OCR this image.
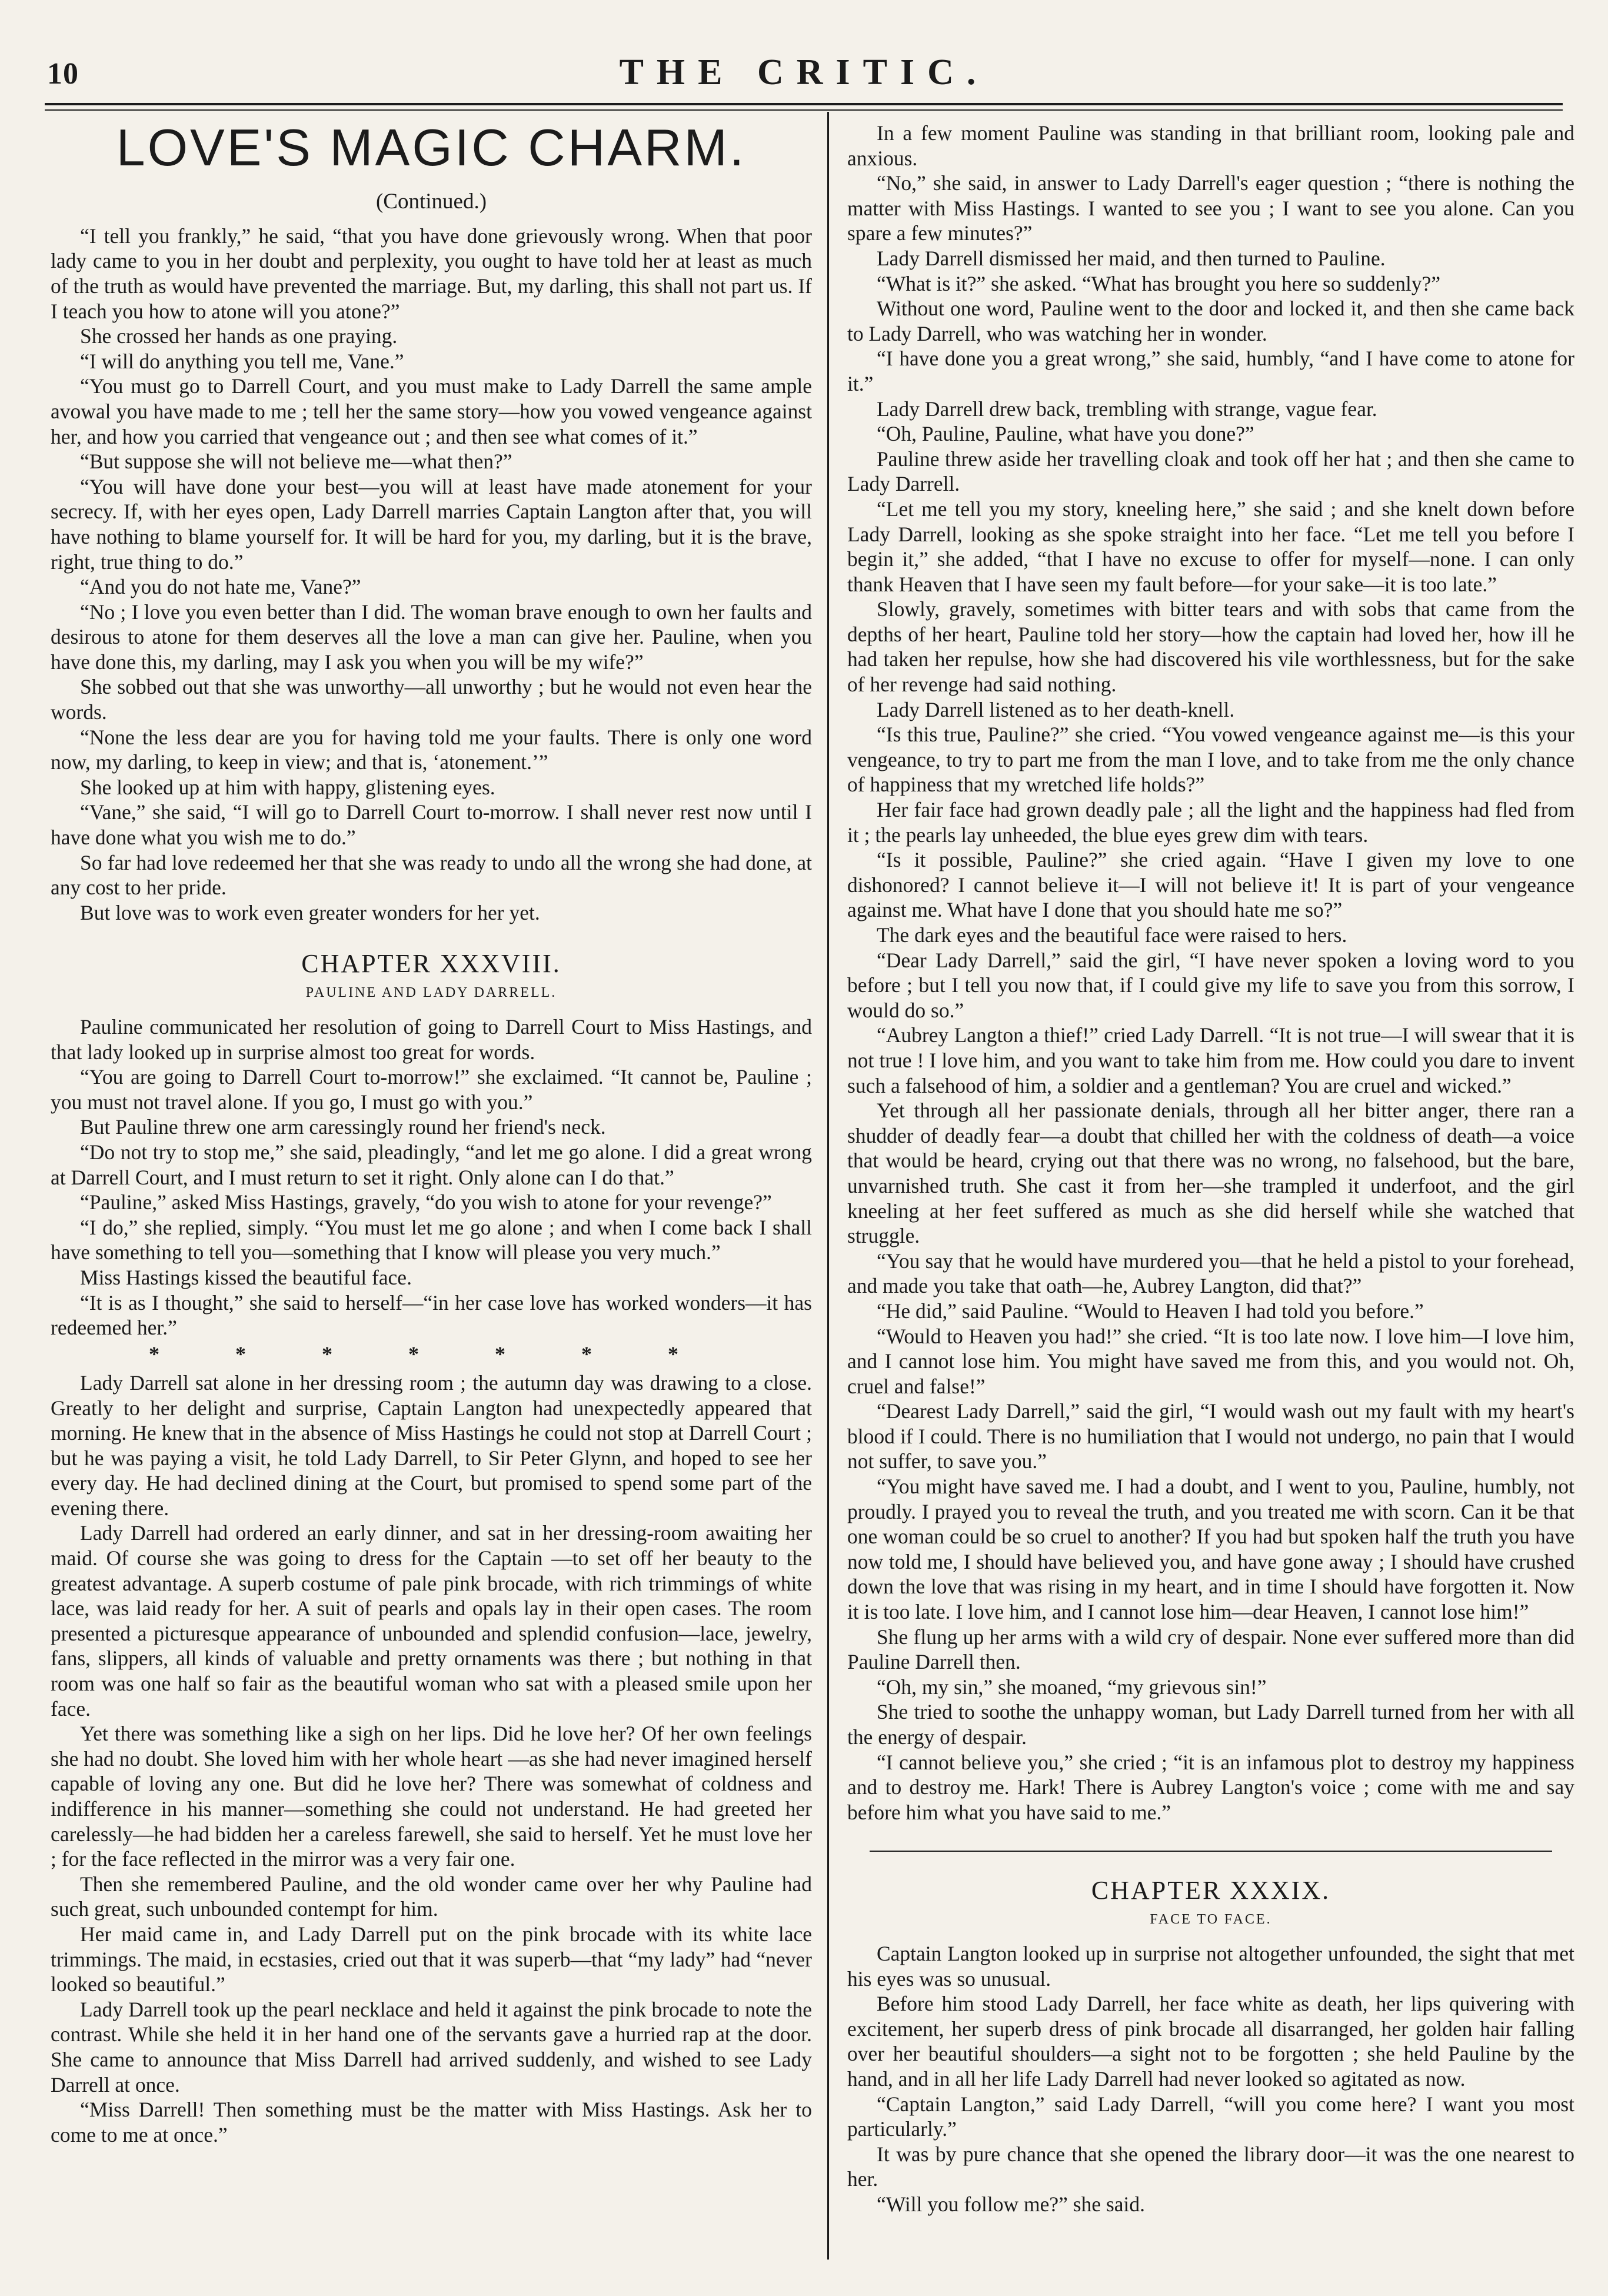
10	THE CRITIC.
LOVE'S MAGIC CHARM.
(Continued.)

“I tell you frankly,” he said, “that you have done grievously wrong. When that poor lady came to you in her doubt and perplexity, you ought to have told her at least as much of the truth as would have prevented the marriage. But, my darling, this shall not part us. If I teach you how to atone will you atone?”

She crossed her hands as one praying.

“I will do anything you tell me, Vane.”

“You must go to Darrell Court, and you must make to Lady Darrell the same ample avowal you have made to me ; tell her the same story—how you vowed vengeance against her, and how you carried that vengeance out ; and then see what comes of it.”

“But suppose she will not believe me—what then?”

“You will have done your best—you will at least have made atonement for your secrecy. If, with her eyes open, Lady Darrell marries Captain Langton after that, you will have nothing to blame yourself for. It will be hard for you, my darling, but it is the brave, right, true thing to do.”

“And you do not hate me, Vane?”

“No ; I love you even better than I did. The woman brave enough to own her faults and desirous to atone for them deserves all the love a man can give her. Pauline, when you have done this, my darling, may I ask you when you will be my wife?”

She sobbed out that she was unworthy—all unworthy ; but he would not even hear the words.

“None the less dear are you for having told me your faults. There is only one word now, my darling, to keep in view; and that is, ‘atonement.’”

She looked up at him with happy, glistening eyes.

“Vane,” she said, “I will go to Darrell Court to-morrow. I shall never rest now until I have done what you wish me to do.”

So far had love redeemed her that she was ready to undo all the wrong she had done, at any cost to her pride.

But love was to work even greater wonders for her yet.

CHAPTER XXXVIII.
PAULINE AND LADY DARRELL.

Pauline communicated her resolution of going to Darrell Court to Miss Hastings, and that lady looked up in surprise almost too great for words.

“You are going to Darrell Court to-morrow!” she exclaimed. “It cannot be, Pauline ; you must not travel alone. If you go, I must go with you.”

But Pauline threw one arm caressingly round her friend's neck.

“Do not try to stop me,” she said, pleadingly, “and let me go alone. I did a great wrong at Darrell Court, and I must return to set it right. Only alone can I do that.”

“Pauline,” asked Miss Hastings, gravely, “do you wish to atone for your revenge?”

“I do,” she replied, simply. “You must let me go alone ; and when I come back I shall have something to tell you—something that I know will please you very much.”

Miss Hastings kissed the beautiful face.

“It is as I thought,” she said to herself—“in her case love has worked wonders—it has redeemed her.”

* * * * * * *

Lady Darrell sat alone in her dressing room ; the autumn day was drawing to a close. Greatly to her delight and surprise, Captain Langton had unexpectedly appeared that morning. He knew that in the absence of Miss Hastings he could not stop at Darrell Court ; but he was paying a visit, he told Lady Darrell, to Sir Peter Glynn, and hoped to see her every day. He had declined dining at the Court, but promised to spend some part of the evening there.

Lady Darrell had ordered an early dinner, and sat in her dressing-room awaiting her maid. Of course she was going to dress for the Captain —to set off her beauty to the greatest advantage. A superb costume of pale pink brocade, with rich trimmings of white lace, was laid ready for her. A suit of pearls and opals lay in their open cases. The room presented a picturesque appearance of unbounded and splendid confusion—lace, jewelry, fans, slippers, all kinds of valuable and pretty ornaments was there ; but nothing in that room was one half so fair as the beautiful woman who sat with a pleased smile upon her face.

Yet there was something like a sigh on her lips. Did he love her? Of her own feelings she had no doubt. She loved him with her whole heart —as she had never imagined herself capable of loving any one. But did he love her? There was somewhat of coldness and indifference in his manner—something she could not understand. He had greeted her carelessly—he had bidden her a careless farewell, she said to herself. Yet he must love her ; for the face reflected in the mirror was a very fair one.

Then she remembered Pauline, and the old wonder came over her why Pauline had such great, such unbounded contempt for him.

Her maid came in, and Lady Darrell put on the pink brocade with its white lace trimmings. The maid, in ecstasies, cried out that it was superb—that “my lady” had “never looked so beautiful.”

Lady Darrell took up the pearl necklace and held it against the pink brocade to note the contrast. While she held it in her hand one of the servants gave a hurried rap at the door. She came to announce that Miss Darrell had arrived suddenly, and wished to see Lady Darrell at once.

“Miss Darrell! Then something must be the matter with Miss Hastings. Ask her to come to me at once.”

In a few moment Pauline was standing in that brilliant room, looking pale and anxious.

“No,” she said, in answer to Lady Darrell's eager question ; “there is nothing the matter with Miss Hastings. I wanted to see you ; I want to see you alone. Can you spare a few minutes?”

Lady Darrell dismissed her maid, and then turned to Pauline.

“What is it?” she asked. “What has brought you here so suddenly?”

Without one word, Pauline went to the door and locked it, and then she came back to Lady Darrell, who was watching her in wonder.

“I have done you a great wrong,” she said, humbly, “and I have come to atone for it.”

Lady Darrell drew back, trembling with strange, vague fear.

“Oh, Pauline, Pauline, what have you done?”

Pauline threw aside her travelling cloak and took off her hat ; and then she came to Lady Darrell.

“Let me tell you my story, kneeling here,” she said ; and she knelt down before Lady Darrell, looking as she spoke straight into her face. “Let me tell you before I begin it,” she added, “that I have no excuse to offer for myself—none. I can only thank Heaven that I have seen my fault before—for your sake—it is too late.”

Slowly, gravely, sometimes with bitter tears and with sobs that came from the depths of her heart, Pauline told her story—how the captain had loved her, how ill he had taken her repulse, how she had discovered his vile worthlessness, but for the sake of her revenge had said nothing.

Lady Darrell listened as to her death-knell.

“Is this true, Pauline?” she cried. “You vowed vengeance against me—is this your vengeance, to try to part me from the man I love, and to take from me the only chance of happiness that my wretched life holds?”

Her fair face had grown deadly pale ; all the light and the happiness had fled from it ; the pearls lay unheeded, the blue eyes grew dim with tears.

“Is it possible, Pauline?” she cried again. “Have I given my love to one dishonored? I cannot believe it—I will not believe it! It is part of your vengeance against me. What have I done that you should hate me so?”

The dark eyes and the beautiful face were raised to hers.

“Dear Lady Darrell,” said the girl, “I have never spoken a loving word to you before ; but I tell you now that, if I could give my life to save you from this sorrow, I would do so.”

“Aubrey Langton a thief!” cried Lady Darrell. “It is not true—I will swear that it is not true ! I love him, and you want to take him from me. How could you dare to invent such a falsehood of him, a soldier and a gentleman? You are cruel and wicked.”

Yet through all her passionate denials, through all her bitter anger, there ran a shudder of deadly fear—a doubt that chilled her with the coldness of death—a voice that would be heard, crying out that there was no wrong, no falsehood, but the bare, unvarnished truth. She cast it from her—she trampled it underfoot, and the girl kneeling at her feet suffered as much as she did herself while she watched that struggle.

“You say that he would have murdered you—that he held a pistol to your forehead, and made you take that oath—he, Aubrey Langton, did that?”

“He did,” said Pauline. “Would to Heaven I had told you before.”

“Would to Heaven you had!” she cried. “It is too late now. I love him—I love him, and I cannot lose him. You might have saved me from this, and you would not. Oh, cruel and false!”

“Dearest Lady Darrell,” said the girl, “I would wash out my fault with my heart's blood if I could. There is no humiliation that I would not undergo, no pain that I would not suffer, to save you.”

“You might have saved me. I had a doubt, and I went to you, Pauline, humbly, not proudly. I prayed you to reveal the truth, and you treated me with scorn. Can it be that one woman could be so cruel to another? If you had but spoken half the truth you have now told me, I should have believed you, and have gone away ; I should have crushed down the love that was rising in my heart, and in time I should have forgotten it. Now it is too late. I love him, and I cannot lose him—dear Heaven, I cannot lose him!”

She flung up her arms with a wild cry of despair. None ever suffered more than did Pauline Darrell then.

“Oh, my sin,” she moaned, “my grievous sin!”

She tried to soothe the unhappy woman, but Lady Darrell turned from her with all the energy of despair.

“I cannot believe you,” she cried ; “it is an infamous plot to destroy my happiness and to destroy me. Hark! There is Aubrey Langton's voice ; come with me and say before him what you have said to me.”

CHAPTER XXXIX.
FACE TO FACE.

Captain Langton looked up in surprise not altogether unfounded, the sight that met his eyes was so unusual.

Before him stood Lady Darrell, her face white as death, her lips quivering with excitement, her superb dress of pink brocade all disarranged, her golden hair falling over her beautiful shoulders—a sight not to be forgotten ; she held Pauline by the hand, and in all her life Lady Darrell had never looked so agitated as now.

“Captain Langton,” said Lady Darrell, “will you come here? I want you most particularly.”

It was by pure chance that she opened the library door—it was the one nearest to her.

“Will you follow me?” she said.
